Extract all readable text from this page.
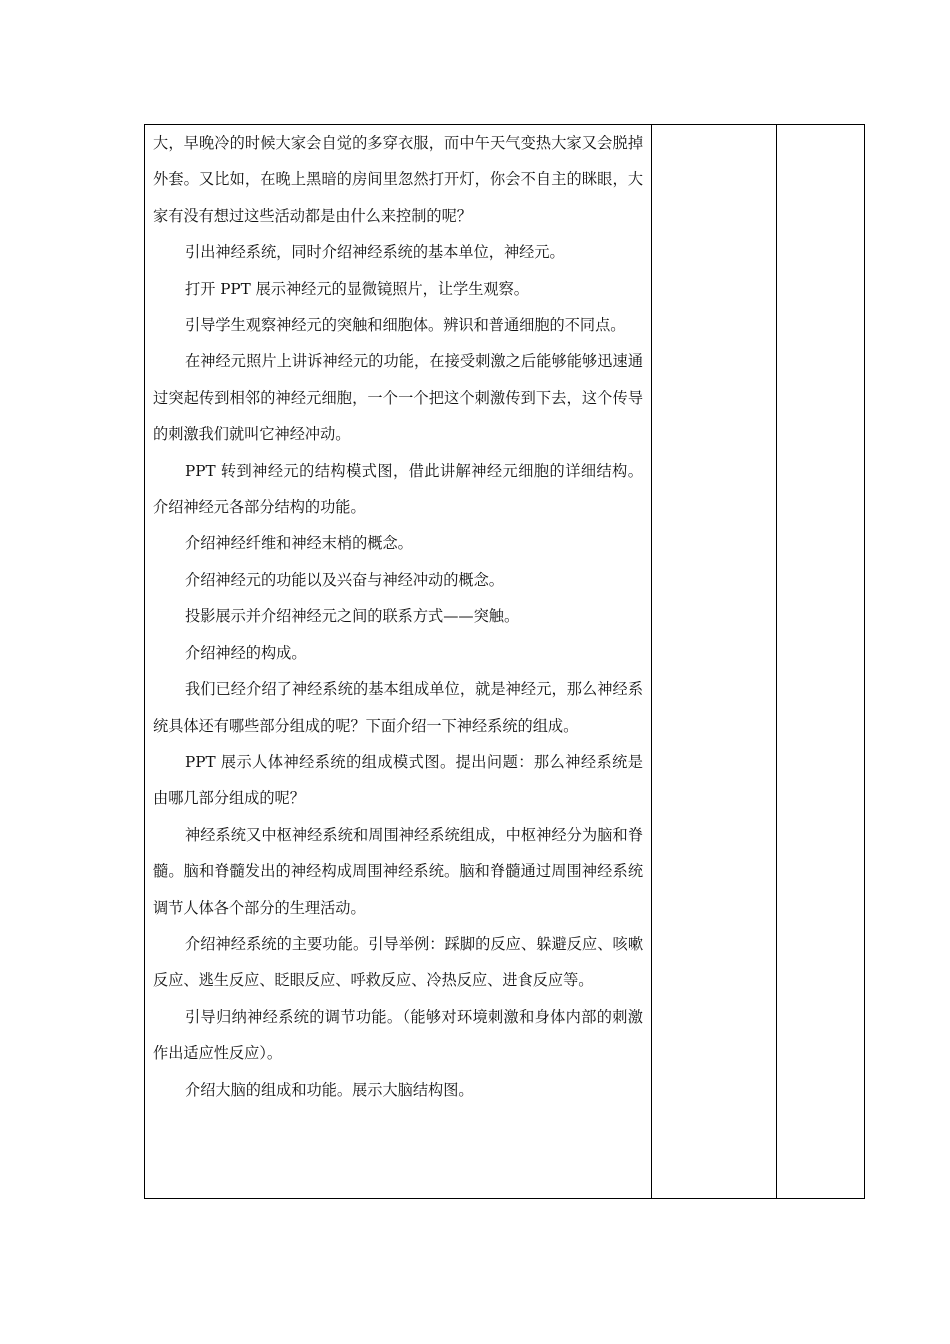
大，早晚冷的时候大家会自觉的多穿衣服，而中午天气变热大家又会脱掉外套。又比如，在晚上黑暗的房间里忽然打开灯，你会不自主的眯眼，大家有没有想过这些活动都是由什么来控制的呢？

引出神经系统，同时介绍神经系统的基本单位，神经元。

打开 PPT 展示神经元的显微镜照片，让学生观察。

引导学生观察神经元的突触和细胞体。辨识和普通细胞的不同点。

在神经元照片上讲诉神经元的功能，在接受刺激之后能够能够迅速通过突起传到相邻的神经元细胞，一个一个把这个刺激传到下去，这个传导的刺激我们就叫它神经冲动。

PPT 转到神经元的结构模式图，借此讲解神经元细胞的详细结构。介绍神经元各部分结构的功能。

介绍神经纤维和神经末梢的概念。

介绍神经元的功能以及兴奋与神经冲动的概念。

投影展示并介绍神经元之间的联系方式——突触。

介绍神经的构成。

我们已经介绍了神经系统的基本组成单位，就是神经元，那么神经系统具体还有哪些部分组成的呢？下面介绍一下神经系统的组成。

PPT 展示人体神经系统的组成模式图。提出问题：那么神经系统是由哪几部分组成的呢？

神经系统又中枢神经系统和周围神经系统组成，中枢神经分为脑和脊髓。脑和脊髓发出的神经构成周围神经系统。脑和脊髓通过周围神经系统调节人体各个部分的生理活动。

介绍神经系统的主要功能。引导举例：踩脚的反应、躲避反应、咳嗽反应、逃生反应、眨眼反应、呼救反应、冷热反应、进食反应等。

引导归纳神经系统的调节功能。（能够对环境刺激和身体内部的刺激作出适应性反应）。

介绍大脑的组成和功能。展示大脑结构图。
